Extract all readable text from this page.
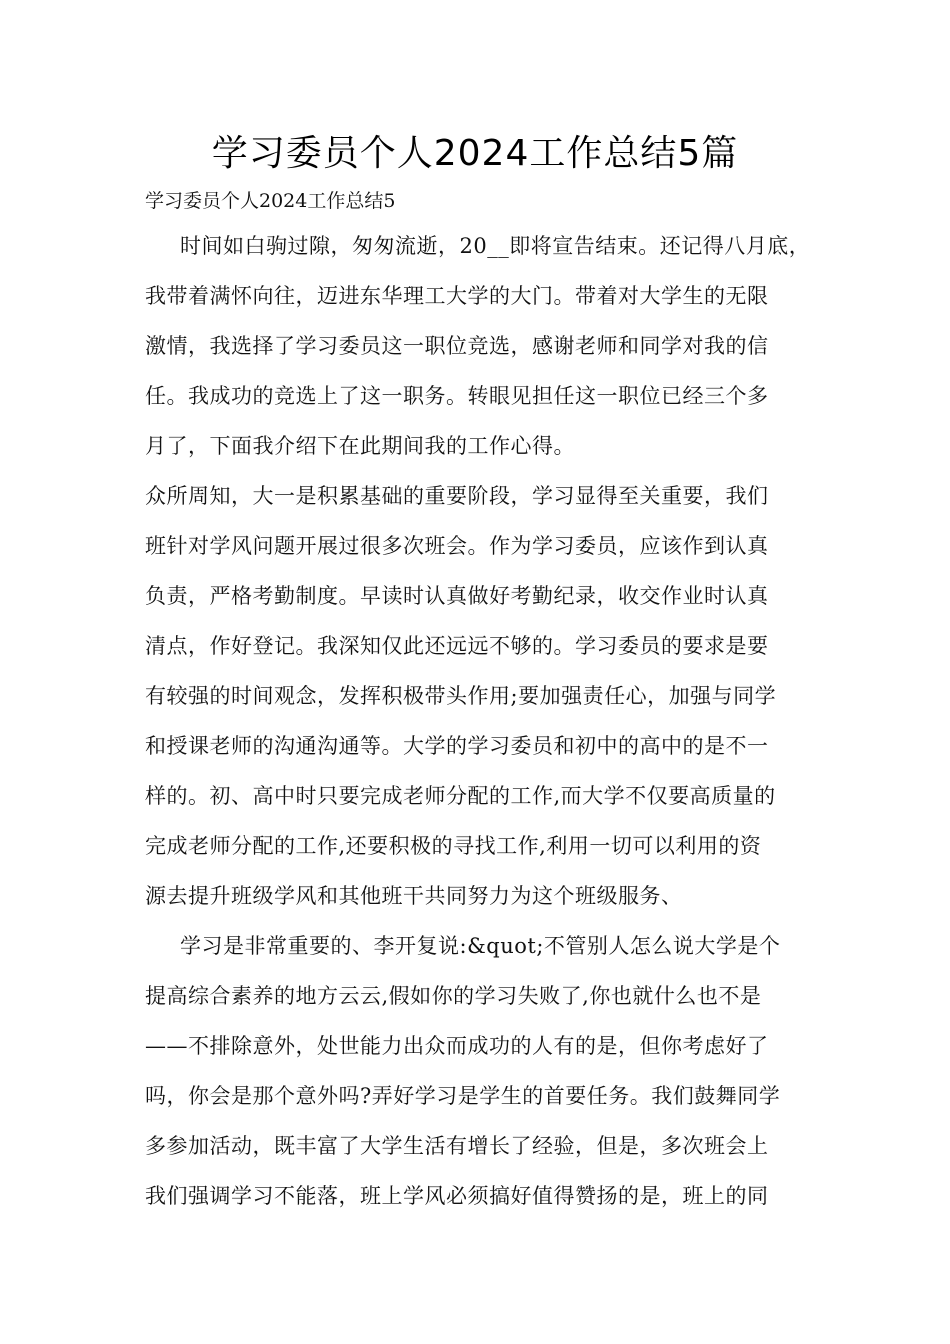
学习委员个人2024工作总结5篇

学习委员个人2024工作总结5

时间如白驹过隙，匆匆流逝，20__即将宣告结束。还记得八月底，

我带着满怀向往，迈进东华理工大学的大门。带着对大学生的无限

激情，我选择了学习委员这一职位竞选，感谢老师和同学对我的信

任。我成功的竞选上了这一职务。转眼见担任这一职位已经三个多

月了，下面我介绍下在此期间我的工作心得。

众所周知，大一是积累基础的重要阶段，学习显得至关重要，我们

班针对学风问题开展过很多次班会。作为学习委员，应该作到认真

负责，严格考勤制度。早读时认真做好考勤纪录，收交作业时认真

清点，作好登记。我深知仅此还远远不够的。学习委员的要求是要

有较强的时间观念，发挥积极带头作用;要加强责任心，加强与同学

和授课老师的沟通沟通等。大学的学习委员和初中的高中的是不一

样的。初、高中时只要完成老师分配的工作,而大学不仅要高质量的

完成老师分配的工作,还要积极的寻找工作,利用一切可以利用的资

源去提升班级学风和其他班干共同努力为这个班级服务、

学习是非常重要的、李开复说:&quot;不管别人怎么说大学是个

提高综合素养的地方云云,假如你的学习失败了,你也就什么也不是

——不排除意外，处世能力出众而成功的人有的是，但你考虑好了

吗，你会是那个意外吗?弄好学习是学生的首要任务。我们鼓舞同学

多参加活动，既丰富了大学生活有增长了经验，但是，多次班会上

我们强调学习不能落，班上学风必须搞好值得赞扬的是，班上的同
